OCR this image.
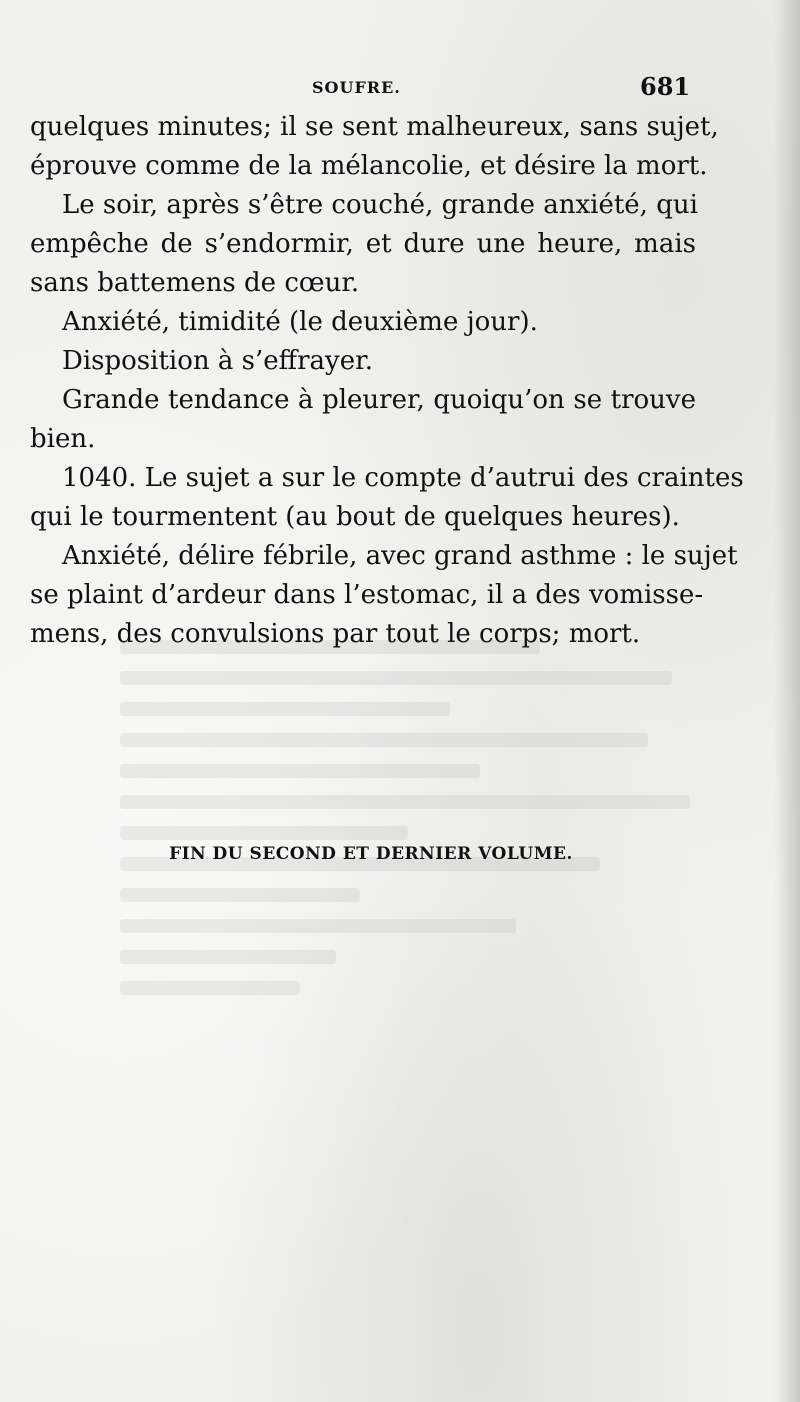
SOUFRE.	681
quelques minutes; il se sent malheureux, sans sujet,
éprouve comme de la mélancolie, et désire la mort.
Le soir, après s’être couché, grande anxiété, qui
empêche de s’endormir, et dure une heure, mais
sans battemens de cœur.
Anxiété, timidité (le deuxième jour).
Disposition à s’effrayer.
Grande tendance à pleurer, quoiqu’on se trouve
bien.
1040. Le sujet a sur le compte d’autrui des craintes
qui le tourmentent (au bout de quelques heures).
Anxiété, délire fébrile, avec grand asthme : le sujet
se plaint d’ardeur dans l’estomac, il a des vomisse-
mens, des convulsions par tout le corps; mort.
FIN DU SECOND ET DERNIER VOLUME.
